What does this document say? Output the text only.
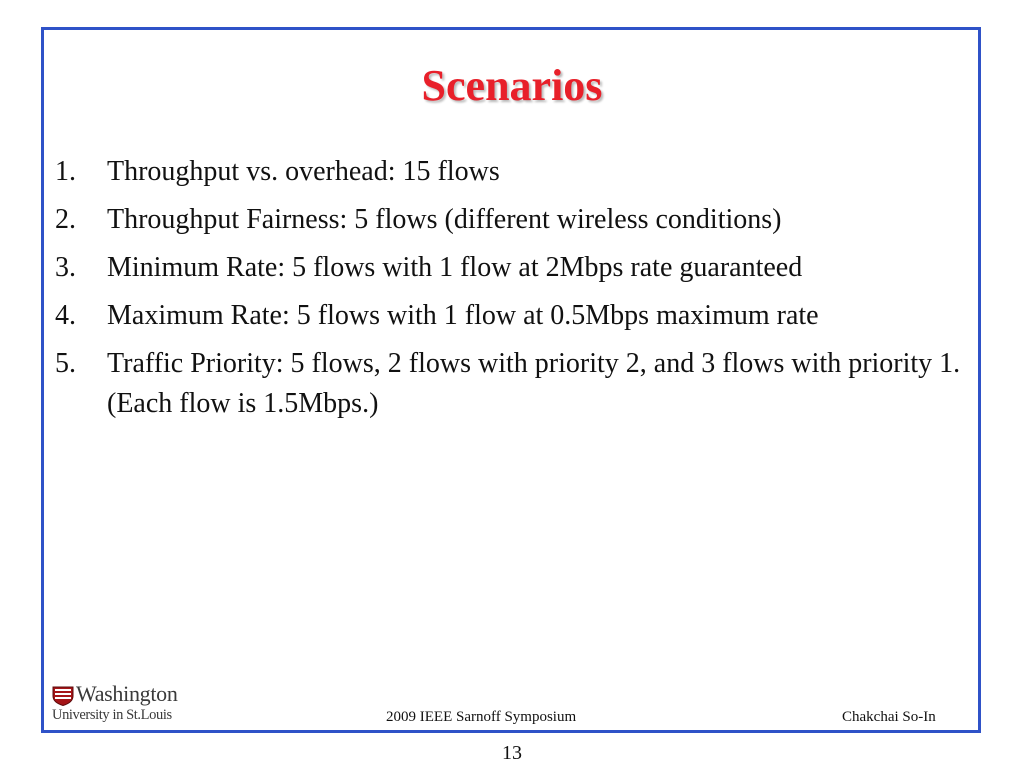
Scenarios
1. Throughput vs. overhead: 15 flows
2. Throughput Fairness: 5 flows (different wireless conditions)
3. Minimum Rate: 5 flows with 1 flow at 2Mbps rate guaranteed
4. Maximum Rate: 5 flows with 1 flow at 0.5Mbps maximum rate
5. Traffic Priority: 5 flows, 2 flows with priority 2, and 3 flows with priority 1. (Each flow is 1.5Mbps.)
Washington
University in St.Louis	2009 IEEE Sarnoff Symposium	Chakchai So-In
13
